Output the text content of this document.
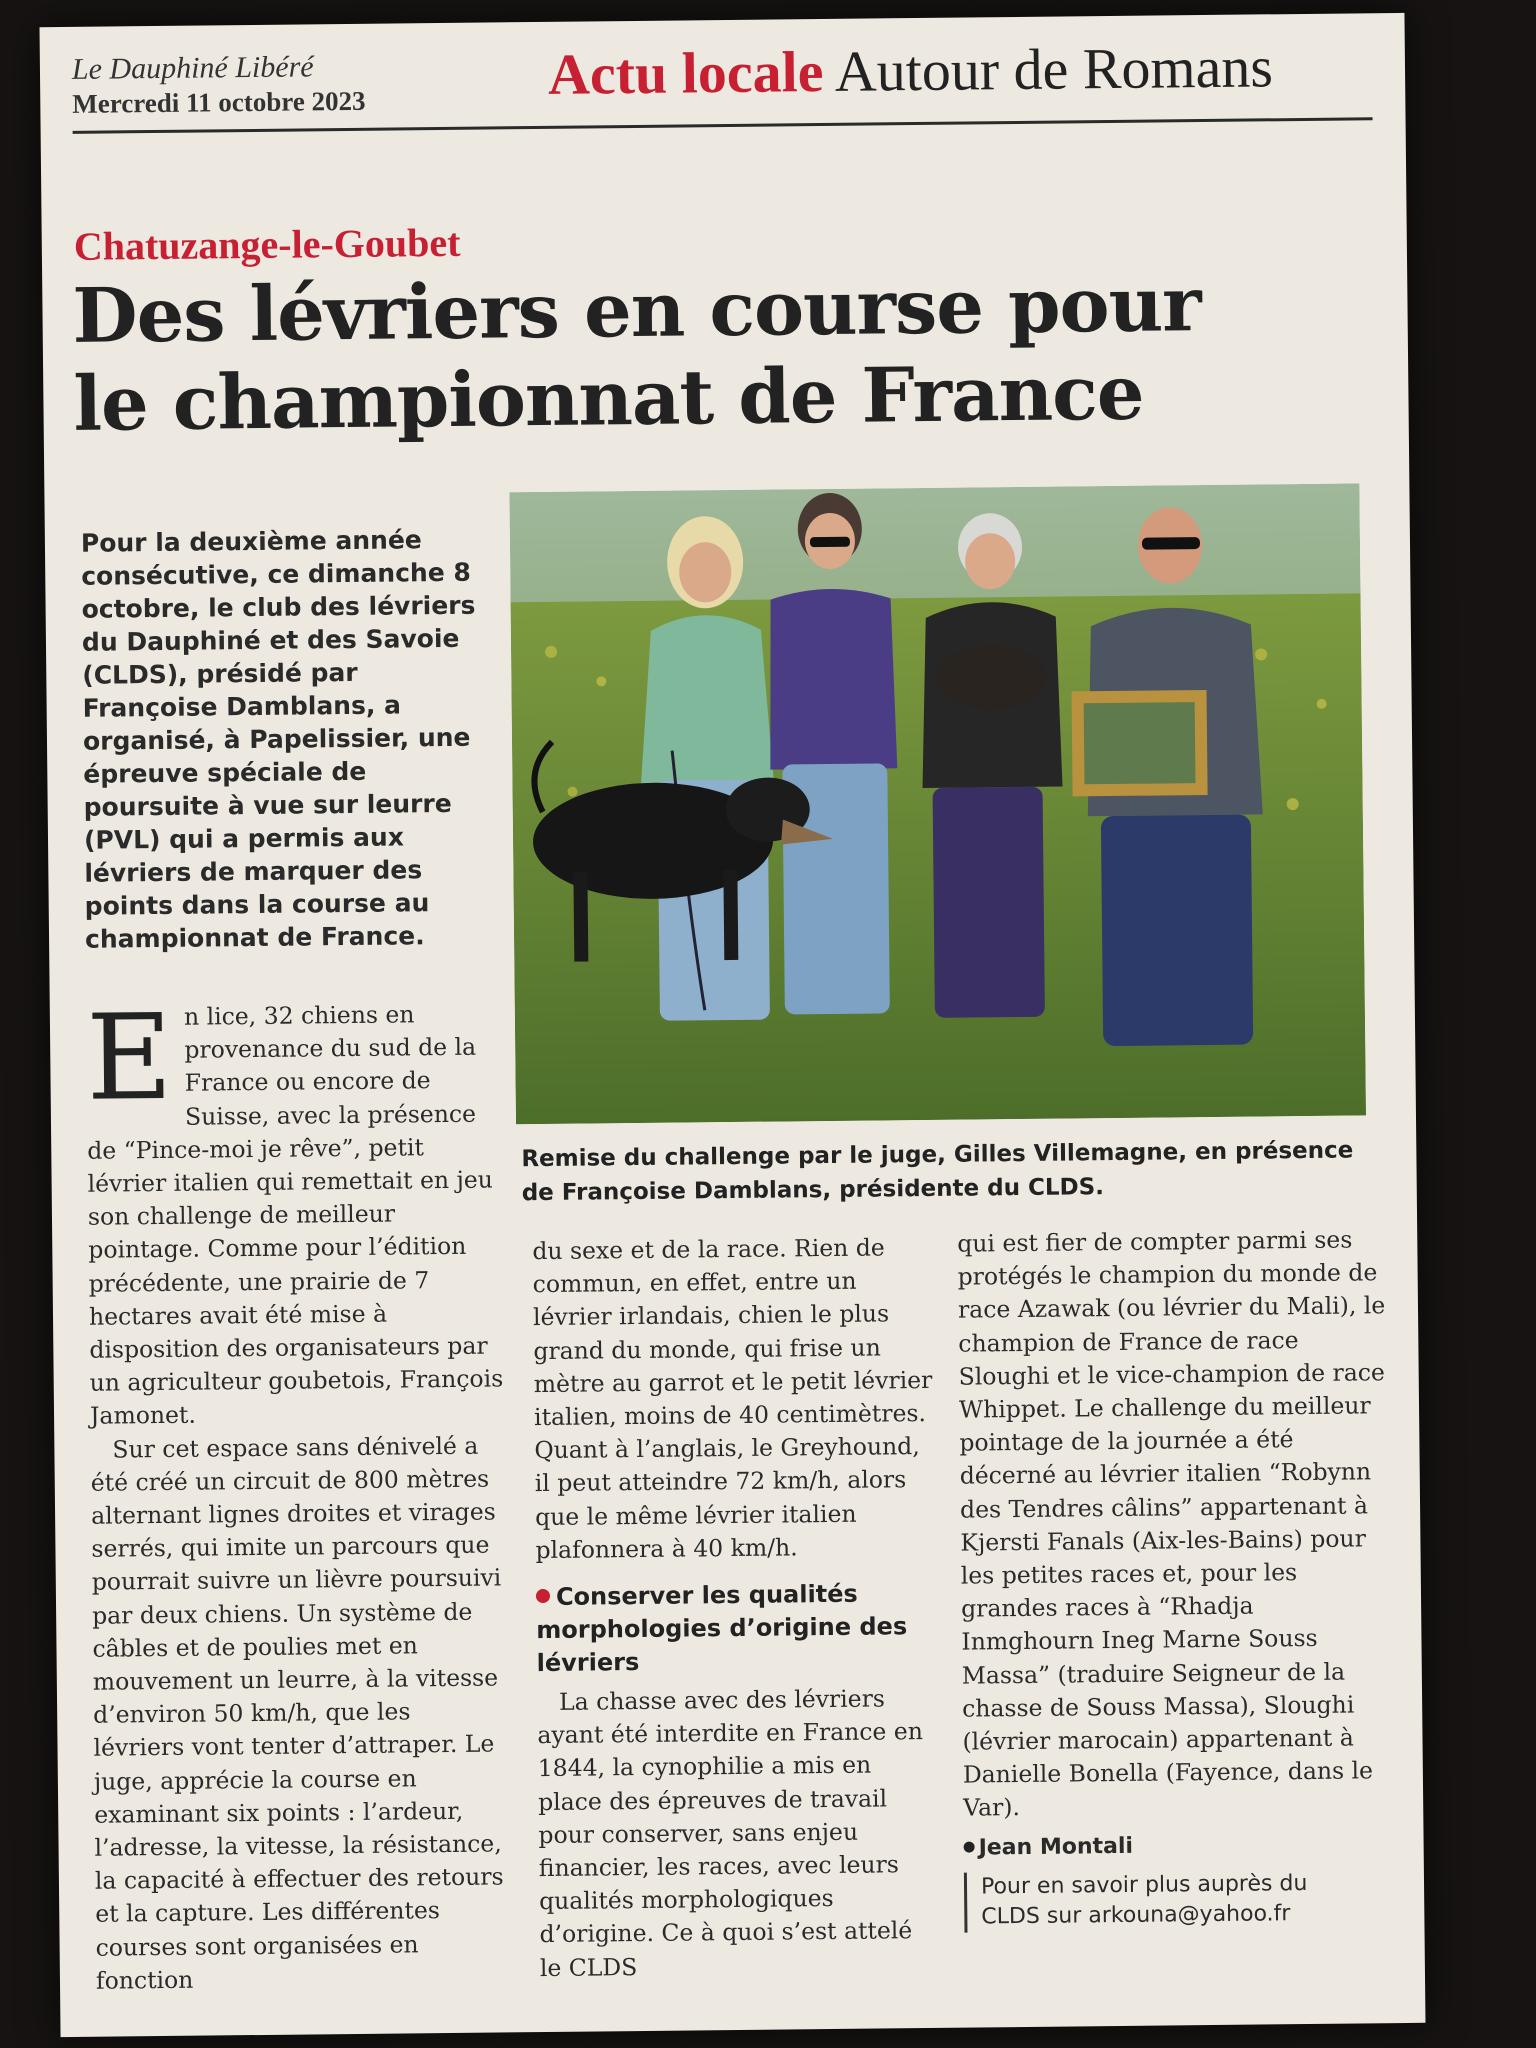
Le Dauphiné Libéré
Mercredi 11 octobre 2023	Actu locale Autour de Romans
Chatuzange-le-Goubet
Des lévriers en course pour le championnat de France

Pour la deuxième année consécutive, ce dimanche 8 octobre, le club des lévriers du Dauphiné et des Savoie (CLDS), présidé par Françoise Damblans, a organisé, à Papelissier, une épreuve spéciale de poursuite à vue sur leurre (PVL) qui a permis aux lévriers de marquer des points dans la course au championnat de France.

Remise du challenge par le juge, Gilles Villemagne, en présence de Françoise Damblans, présidente du CLDS.

E n lice, 32 chiens en provenance du sud de la France ou encore de Suisse, avec la présence de “Pince-moi je rêve”, petit lévrier italien qui remettait en jeu son challenge de meilleur pointage. Comme pour l’édition précédente, une prairie de 7 hectares avait été mise à disposition des organisateurs par un agriculteur goubetois, François Jamonet.

Sur cet espace sans dénivelé a été créé un circuit de 800 mètres alternant lignes droites et virages serrés, qui imite un parcours que pourrait suivre un lièvre poursuivi par deux chiens. Un système de câbles et de poulies met en mouvement un leurre, à la vitesse d’environ 50 km/h, que les lévriers vont tenter d’attraper. Le juge, apprécie la course en examinant six points : l’ardeur, l’adresse, la vitesse, la résistance, la capacité à effectuer des retours et la capture. Les différentes courses sont organisées en fonction

du sexe et de la race. Rien de commun, en effet, entre un lévrier irlandais, chien le plus grand du monde, qui frise un mètre au garrot et le petit lévrier italien, moins de 40 centimètres. Quant à l’anglais, le Greyhound, il peut atteindre 72 km/h, alors que le même lévrier italien plafonnera à 40 km/h.

Conserver les qualités morphologies d’origine des lévriers

La chasse avec des lévriers ayant été interdite en France en 1844, la cynophilie a mis en place des épreuves de travail pour conserver, sans enjeu financier, les races, avec leurs qualités morphologiques d’origine. Ce à quoi s’est attelé le CLDS

qui est fier de compter parmi ses protégés le champion du monde de race Azawak (ou lévrier du Mali), le champion de France de race Sloughi et le vice-champion de race Whippet. Le challenge du meilleur pointage de la journée a été décerné au lévrier italien “Robynn des Tendres câlins” appartenant à Kjersti Fanals (Aix-les-Bains) pour les petites races et, pour les grandes races à “Rhadja Inmghourn Ineg Marne Souss Massa” (traduire Seigneur de la chasse de Souss Massa), Sloughi (lévrier marocain) appartenant à Danielle Bonella (Fayence, dans le Var).

Jean Montali

Pour en savoir plus auprès du

CLDS sur arkouna@yahoo.fr
